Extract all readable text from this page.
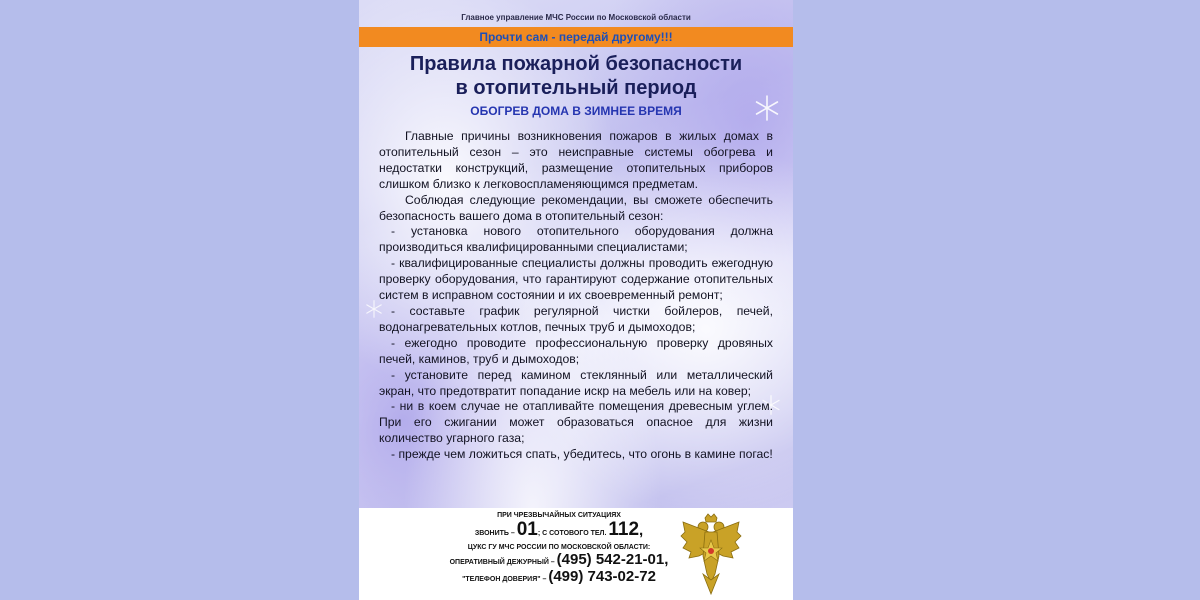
Главное управление МЧС России по Московской области
Прочти сам - передай другому!!!
Правила пожарной безопасности
в отопительный период
ОБОГРЕВ ДОМА В ЗИМНЕЕ ВРЕМЯ

Главные причины возникновения пожаров в жилых домах в отопительный сезон – это неисправные системы обогрева и недостатки конструкций, размещение отопительных приборов слишком близко к легковоспламеняющимся предметам.

Соблюдая следующие рекомендации, вы сможете обеспечить безопасность вашего дома в отопительный сезон:

- установка нового отопительного оборудования должна производиться квалифицированными специалистами;

- квалифицированные специалисты должны проводить ежегодную проверку оборудования, что гарантируют содержание отопительных систем в исправном состоянии и их своевременный ремонт;

- составьте график регулярной чистки бойлеров, печей, водонагревательных котлов, печных труб и дымоходов;

- ежегодно проводите профессиональную проверку дровяных печей, каминов, труб и дымоходов;

- установите перед камином стеклянный или металлический экран, что предотвратит попадание искр на мебель или на ковер;

- ни в коем случае не отапливайте помещения древесным углем. При его сжигании может образоваться опасное для жизни количество угарного газа;

- прежде чем ложиться спать, убедитесь, что огонь в камине погас!

ПРИ ЧРЕЗВЫЧАЙНЫХ СИТУАЦИЯХ
ЗВОНИТЬ – 01; С СОТОВОГО ТЕЛ. 112,
ЦУКС ГУ МЧС РОССИИ ПО МОСКОВСКОЙ ОБЛАСТИ:
ОПЕРАТИВНЫЙ ДЕЖУРНЫЙ – (495) 542-21-01,
"ТЕЛЕФОН ДОВЕРИЯ" – (499) 743-02-72
